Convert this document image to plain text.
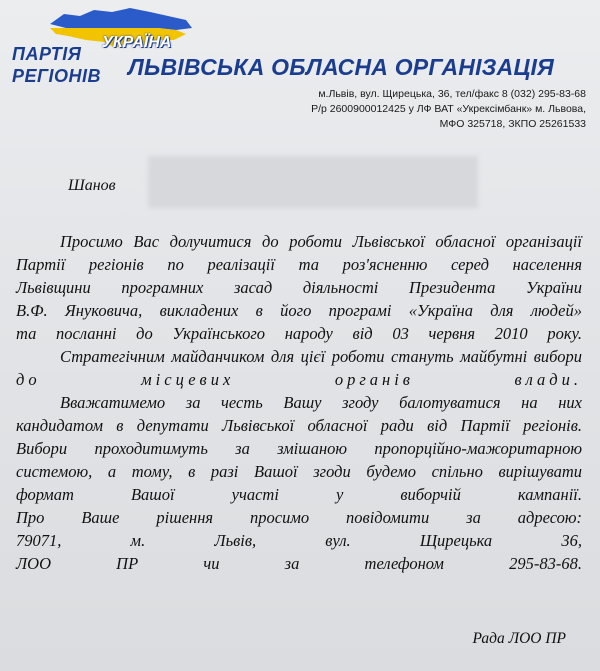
УКРАЇНА
ПАРТІЯ
РЕГІОНІВ ЛЬВІВСЬКА ОБЛАСНА ОРГАНІЗАЦІЯ
м.Львів, вул. Щирецька, 36, тел/факс 8 (032) 295-83-68
Р/р 2600900012425 у ЛФ ВАТ «Укрексімбанк» м. Львова,
МФО 325718, ЗКПО 25261533
Шанов

Просимо Вас долучитися до роботи Львівської обласної організації

Партії регіонів по реалізації та роз'ясненню серед населення

Львівщини програмних засад діяльності Президента України

В.Ф. Януковича, викладених в його програмі «Україна для людей»

та посланні до Українського народу від 03 червня 2010 року.

Стратегічним майданчиком для цієї роботи стануть майбутні вибори

до місцевих органів влади.

Вважатимемо за честь Вашу згоду балотуватися на них

кандидатом в депутати Львівської обласної ради від Партії регіонів.

Вибори проходитимуть за змішаною пропорційно-мажоритарною

системою, а тому, в разі Вашої згоди будемо спільно вирішувати

формат Вашої участі у виборчій кампанії.

Про Ваше рішення просимо повідомити за адресою:

79071, м. Львів, вул. Щирецька 36,

ЛОО ПР чи за телефоном 295-83-68.

Рада ЛОО ПР
